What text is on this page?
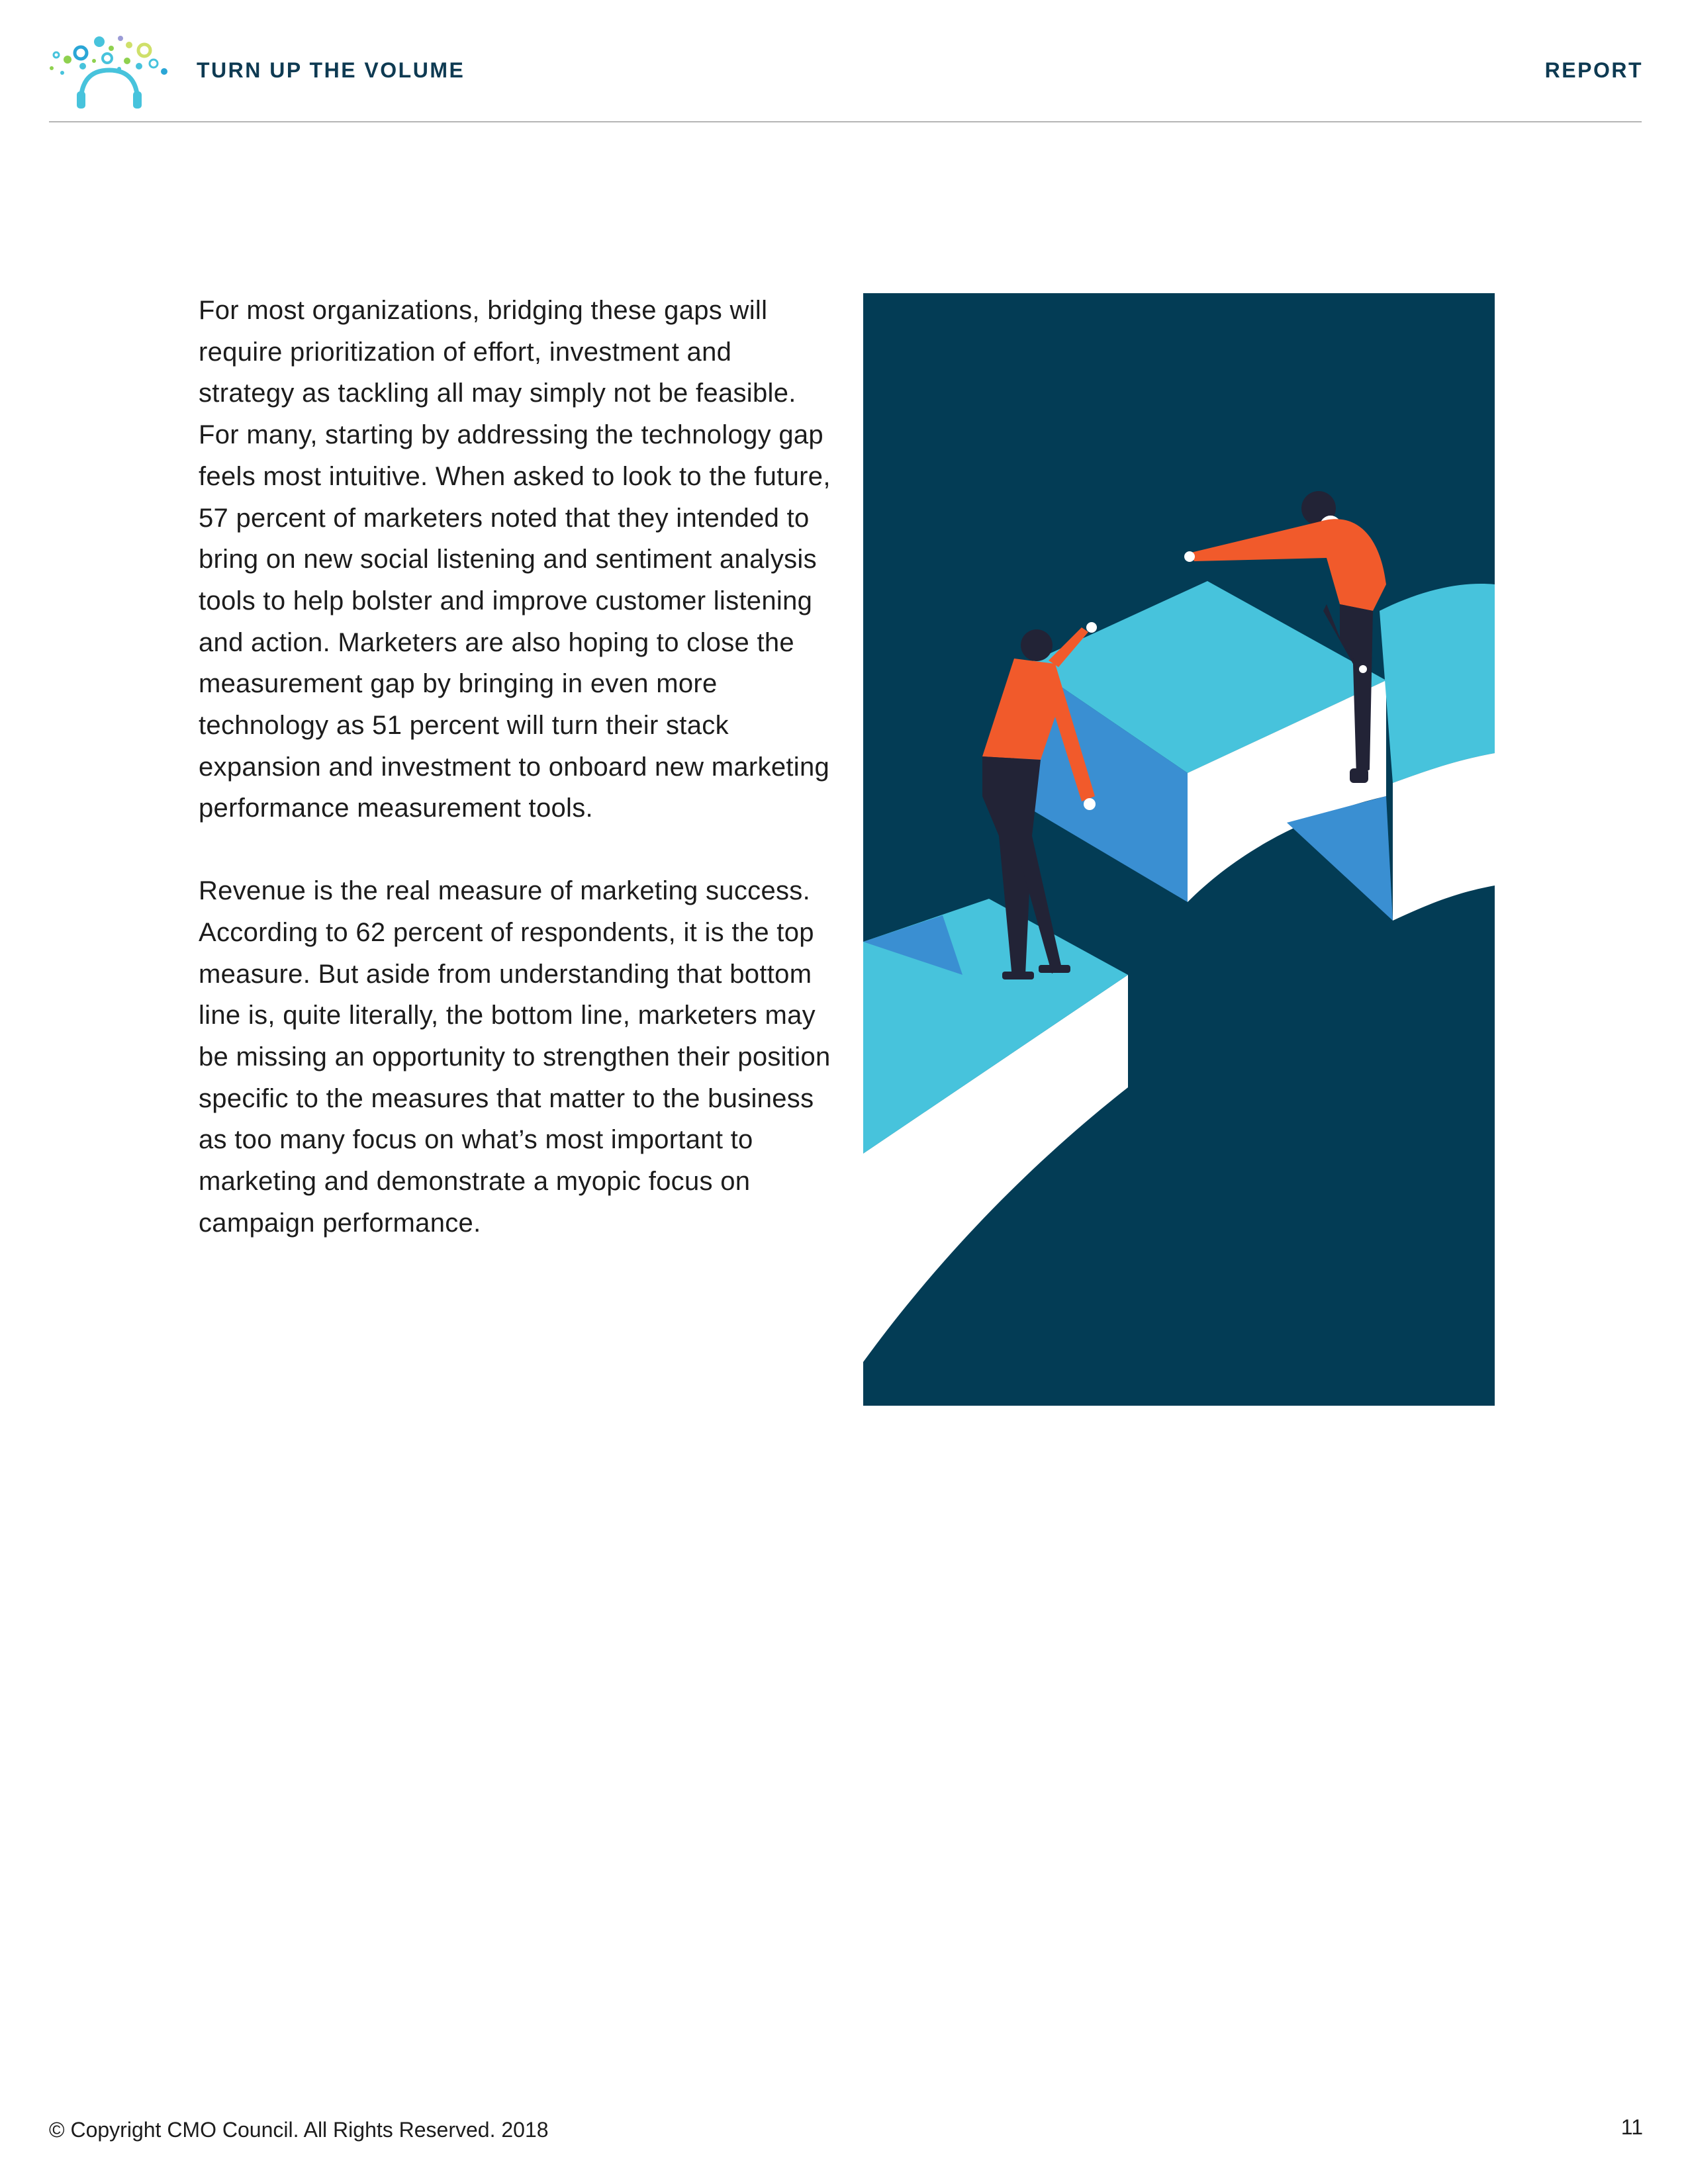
TURN UP THE VOLUME	REPORT

For most organizations, bridging these gaps will require prioritization of effort, investment and strategy as tackling all may simply not be feasible. For many, starting by addressing the technology gap feels most intuitive. When asked to look to the future, 57 percent of marketers noted that they intended to bring on new social listening and sentiment analysis tools to help bolster and improve customer listening and action. Marketers are also hoping to close the measurement gap by bringing in even more technology as 51 percent will turn their stack expansion and investment to onboard new marketing performance measurement tools.

Revenue is the real measure of marketing success. According to 62 percent of respondents, it is the top measure. But aside from understanding that bottom line is, quite literally, the bottom line, marketers may be missing an opportunity to strengthen their position specific to the measures that matter to the business as too many focus on what’s most important to marketing and demonstrate a myopic focus on campaign performance.

© Copyright CMO Council. All Rights Reserved. 2018	11
